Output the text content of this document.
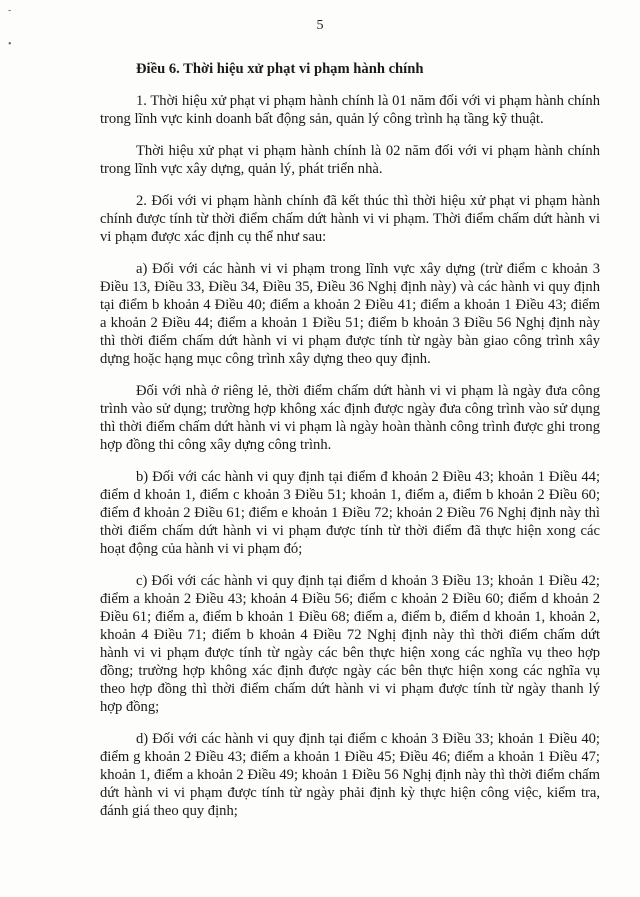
-
•
5

Điều 6. Thời hiệu xử phạt vi phạm hành chính

1. Thời hiệu xử phạt vi phạm hành chính là 01 năm đối với vi phạm hành chính trong lĩnh vực kinh doanh bất động sản, quản lý công trình hạ tầng kỹ thuật.

Thời hiệu xử phạt vi phạm hành chính là 02 năm đối với vi phạm hành chính trong lĩnh vực xây dựng, quản lý, phát triển nhà.

2. Đối với vi phạm hành chính đã kết thúc thì thời hiệu xử phạt vi phạm hành chính được tính từ thời điểm chấm dứt hành vi vi phạm. Thời điểm chấm dứt hành vi vi phạm được xác định cụ thể như sau:

a) Đối với các hành vi vi phạm trong lĩnh vực xây dựng (trừ điểm c khoản 3 Điều 13, Điều 33, Điều 34, Điều 35, Điều 36 Nghị định này) và các hành vi quy định tại điểm b khoản 4 Điều 40; điểm a khoản 2 Điều 41; điểm a khoản 1 Điều 43; điểm a khoản 2 Điều 44; điểm a khoản 1 Điều 51; điểm b khoản 3 Điều 56 Nghị định này thì thời điểm chấm dứt hành vi vi phạm được tính từ ngày bàn giao công trình xây dựng hoặc hạng mục công trình xây dựng theo quy định.

Đối với nhà ở riêng lẻ, thời điểm chấm dứt hành vi vi phạm là ngày đưa công trình vào sử dụng; trường hợp không xác định được ngày đưa công trình vào sử dụng thì thời điểm chấm dứt hành vi vi phạm là ngày hoàn thành công trình được ghi trong hợp đồng thi công xây dựng công trình.

b) Đối với các hành vi quy định tại điểm đ khoản 2 Điều 43; khoản 1 Điều 44; điểm d khoản 1, điểm c khoản 3 Điều 51; khoản 1, điểm a, điểm b khoản 2 Điều 60; điểm đ khoản 2 Điều 61; điểm e khoản 1 Điều 72; khoản 2 Điều 76 Nghị định này thì thời điểm chấm dứt hành vi vi phạm được tính từ thời điểm đã thực hiện xong các hoạt động của hành vi vi phạm đó;

c) Đối với các hành vi quy định tại điểm d khoản 3 Điều 13; khoản 1 Điều 42; điểm a khoản 2 Điều 43; khoản 4 Điều 56; điểm c khoản 2 Điều 60; điểm d khoản 2 Điều 61; điểm a, điểm b khoản 1 Điều 68; điểm a, điểm b, điểm d khoản 1, khoản 2, khoản 4 Điều 71; điểm b khoản 4 Điều 72 Nghị định này thì thời điểm chấm dứt hành vi vi phạm được tính từ ngày các bên thực hiện xong các nghĩa vụ theo hợp đồng; trường hợp không xác định được ngày các bên thực hiện xong các nghĩa vụ theo hợp đồng thì thời điểm chấm dứt hành vi vi phạm được tính từ ngày thanh lý hợp đồng;

d) Đối với các hành vi quy định tại điểm c khoản 3 Điều 33; khoản 1 Điều 40; điểm g khoản 2 Điều 43; điểm a khoản 1 Điều 45; Điều 46; điểm a khoản 1 Điều 47; khoản 1, điểm a khoản 2 Điều 49; khoản 1 Điều 56 Nghị định này thì thời điểm chấm dứt hành vi vi phạm được tính từ ngày phải định kỳ thực hiện công việc, kiểm tra, đánh giá theo quy định;
